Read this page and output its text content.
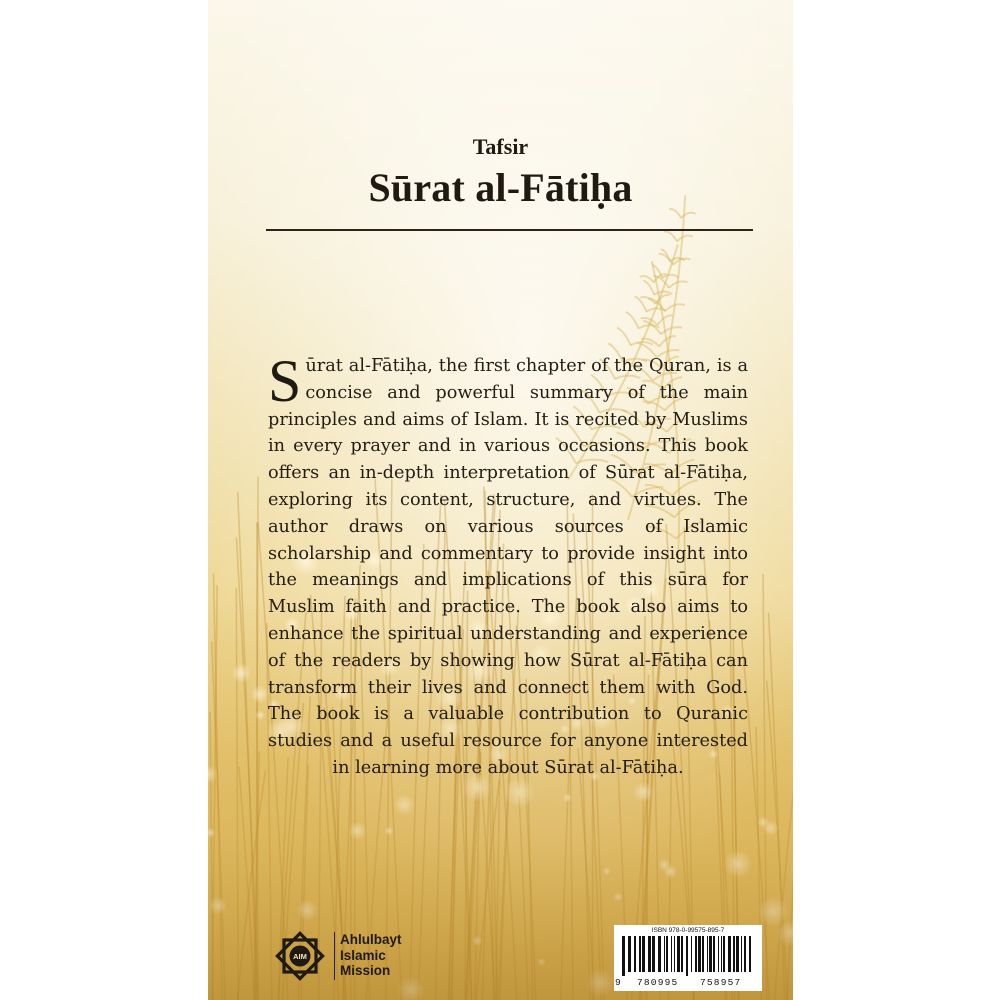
Tafsir
Sūrat al-Fātiḥa

Sūrat al-Fātiḥa, the first chapter of the Quran, is a concise and powerful summary of the main principles and aims of Islam. It is recited by Muslims in every prayer and in various occasions. This book offers an in-depth interpretation of Sūrat al-Fātiḥa, exploring its content, structure, and virtues. The author draws on various sources of Islamic scholarship and commentary to provide insight into the meanings and implications of this sūra for Muslim faith and practice. The book also aims to enhance the spiritual understanding and experience of the readers by showing how Sūrat al-Fātiḥa can transform their lives and connect them with God. The book is a valuable contribution to Quranic studies and a useful resource for anyone interested in learning more about Sūrat al-Fātiḥa.

AIM
Ahlulbayt
Islamic
Mission
ISBN 978-0-99575-895-7
9 780995 758957
